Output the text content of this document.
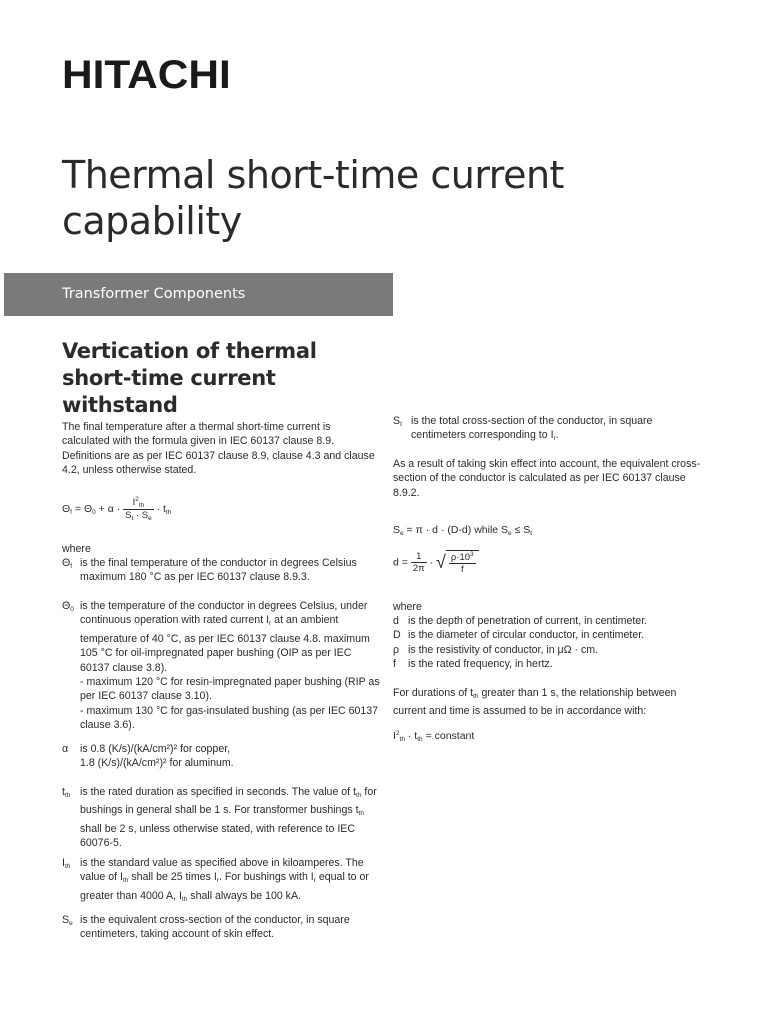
HITACHI
Thermal short-time current capability
Transformer Components
Vertication of thermal short-time current withstand
The final temperature after a thermal short-time current is calculated with the formula given in IEC 60137 clause 8.9. Definitions are as per IEC 60137 clause 8.9, clause 4.3 and clause 4.2, unless otherwise stated.
$\Theta_f = \Theta_0 + \alpha \cdot \frac{I^2_{th}}{S_t \cdot S_e} \cdot t_{th}$
where
$\Theta_f$ is the final temperature of the conductor in degrees Celsius maximum 180 °C as per IEC 60137 clause 8.9.3.
$\Theta_0$ is the temperature of the conductor in degrees Celsius, under continuous operation with rated current $I_r$ at an ambient temperature of 40 °C, as per IEC 60137 clause 4.8. maximum 105 °C for oil-impregnated paper bushing (OIP as per IEC 60137 clause 3.8).
- maximum 120 °C for resin-impregnated paper bushing (RIP as per IEC 60137 clause 3.10).
- maximum 130 °C for gas-insulated bushing (as per IEC 60137 clause 3.6).
α	is 0.8 (K/s)/(kA/cm²)² for copper,
1.8 (K/s)/(kA/cm²)² for aluminum.
$t_{th}$ is the rated duration as specified in seconds. The value of $t_{th}$ for bushings in general shall be 1 s. For transformer bushings $t_{th}$ shall be 2 s, unless otherwise stated, with reference to IEC 60076-5.
$I_{th}$ is the standard value as specified above in kiloamperes. The value of $I_{th}$ shall be 25 times $I_r$. For bushings with $I_r$ equal to or greater than 4000 A, $I_{th}$ shall always be 100 kA.
$S_e$ is the equivalent cross-section of the conductor, in square centimeters, taking account of skin effect.
$S_t$ is the total cross-section of the conductor, in square centimeters corresponding to $I_r$.
As a result of taking skin effect into account, the equivalent cross-section of the conductor is calculated as per IEC 60137 clause 8.9.2.
$S_e = \pi \cdot d \cdot (D-d)$ while $S_e \le S_t$
$d = \frac{1}{2\pi}$ · √ $\frac{\rho\cdot 10^3}{f}$
where
d is the depth of penetration of current, in centimeter.
D is the diameter of circular conductor, in centimeter.
ρ is the resistivity of conductor, in μΩ · cm.
f	is the rated frequency, in hertz.
For durations of $t_{th}$ greater than 1 s, the relationship between current and time is assumed to be in accordance with:
$I^2_{th} \cdot t_{th}$ = constant
